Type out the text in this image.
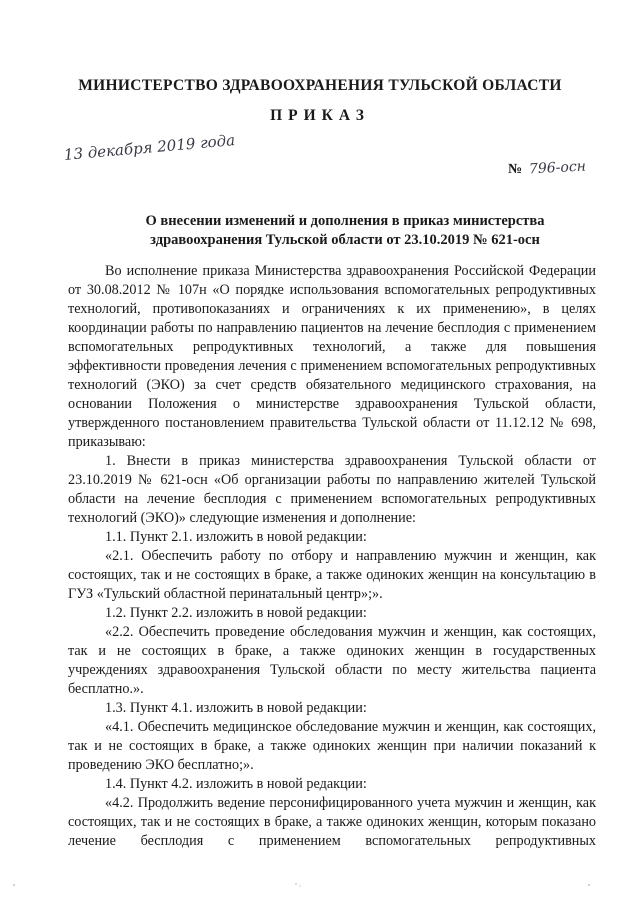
МИНИСТЕРСТВО ЗДРАВООХРАНЕНИЯ ТУЛЬСКОЙ ОБЛАСТИ
ПРИКАЗ
13 декабря 2019 года
№ 796-осн
О внесении изменений и дополнения в приказ министерства
здравоохранения Тульской области от 23.10.2019 № 621-осн

Во исполнение приказа Министерства здравоохранения Российской Федерации от 30.08.2012 № 107н «О порядке использования вспомогательных репродуктивных технологий, противопоказаниях и ограничениях к их применению», в целях координации работы по направлению пациентов на лечение бесплодия с применением вспомогательных репродуктивных технологий, а также для повышения эффективности проведения лечения с применением вспомогательных репродуктивных технологий (ЭКО) за счет средств обязательного медицинского страхования, на основании Положения о министерстве здравоохранения Тульской области, утвержденного постановлением правительства Тульской области от 11.12.12 № 698, приказываю:

1. Внести в приказ министерства здравоохранения Тульской области от 23.10.2019 № 621-осн «Об организации работы по направлению жителей Тульской области на лечение бесплодия с применением вспомогательных репродуктивных технологий (ЭКО)» следующие изменения и дополнение:

1.1. Пункт 2.1. изложить в новой редакции:

«2.1. Обеспечить работу по отбору и направлению мужчин и женщин, как состоящих, так и не состоящих в браке, а также одиноких женщин на консультацию в ГУЗ «Тульский областной перинатальный центр»;».

1.2. Пункт 2.2. изложить в новой редакции:

«2.2. Обеспечить проведение обследования мужчин и женщин, как состоящих, так и не состоящих в браке, а также одиноких женщин в государственных учреждениях здравоохранения Тульской области по месту жительства пациента бесплатно.».

1.3. Пункт 4.1. изложить в новой редакции:

«4.1. Обеспечить медицинское обследование мужчин и женщин, как состоящих, так и не состоящих в браке, а также одиноких женщин при наличии показаний к проведению ЭКО бесплатно;».

1.4. Пункт 4.2. изложить в новой редакции:

«4.2. Продолжить ведение персонифицированного учета мужчин и женщин, как состоящих, так и не состоящих в браке, а также одиноких женщин, которым показано лечение бесплодия с применением вспомогательных репродуктивных
